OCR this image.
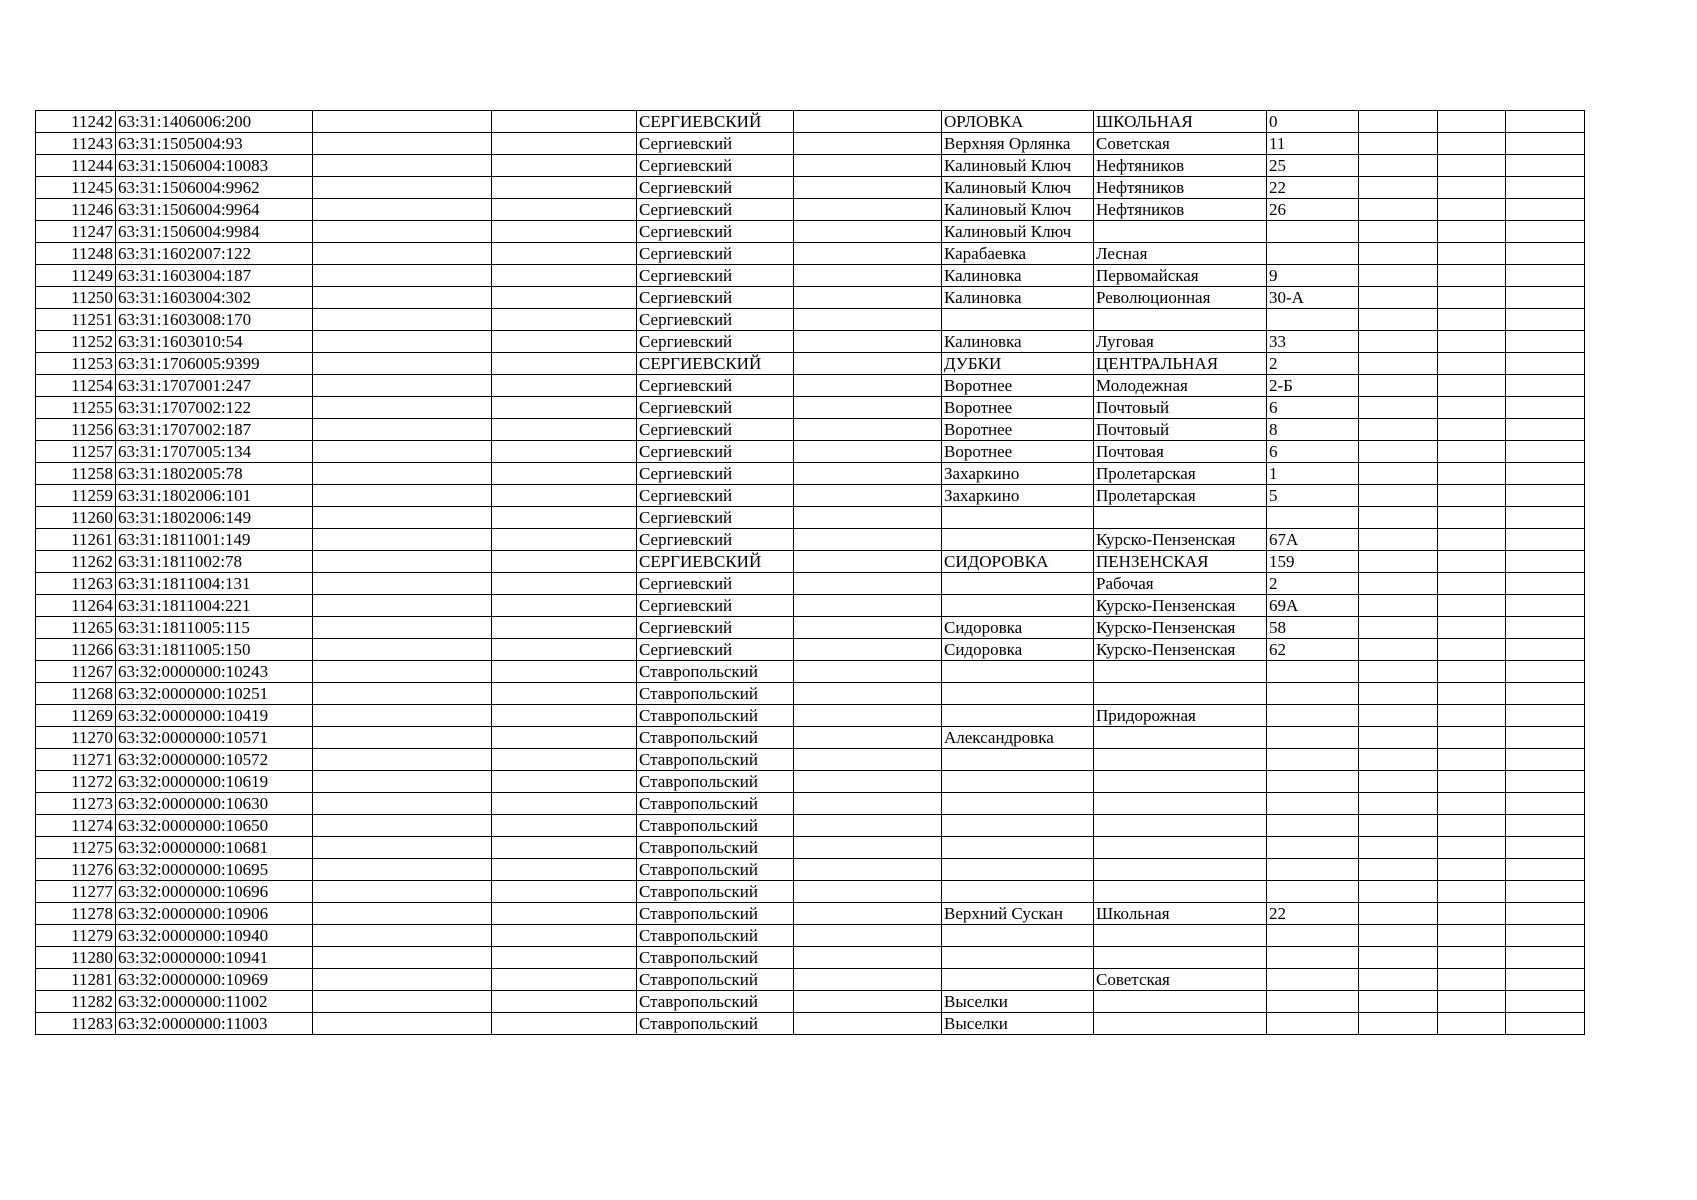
11242	63:31:1406006:200			СЕРГИЕВСКИЙ		ОРЛОВКА	ШКОЛЬНАЯ	0			
11243	63:31:1505004:93			Сергиевский		Верхняя Орлянка	Советская	11			
11244	63:31:1506004:10083			Сергиевский		Калиновый Ключ	Нефтяников	25			
11245	63:31:1506004:9962			Сергиевский		Калиновый Ключ	Нефтяников	22			
11246	63:31:1506004:9964			Сергиевский		Калиновый Ключ	Нефтяников	26			
11247	63:31:1506004:9984			Сергиевский		Калиновый Ключ					
11248	63:31:1602007:122			Сергиевский		Карабаевка	Лесная				
11249	63:31:1603004:187			Сергиевский		Калиновка	Первомайская	9			
11250	63:31:1603004:302			Сергиевский		Калиновка	Революционная	30-А			
11251	63:31:1603008:170			Сергиевский							
11252	63:31:1603010:54			Сергиевский		Калиновка	Луговая	33			
11253	63:31:1706005:9399			СЕРГИЕВСКИЙ		ДУБКИ	ЦЕНТРАЛЬНАЯ	2			
11254	63:31:1707001:247			Сергиевский		Воротнее	Молодежная	2-Б			
11255	63:31:1707002:122			Сергиевский		Воротнее	Почтовый	6			
11256	63:31:1707002:187			Сергиевский		Воротнее	Почтовый	8			
11257	63:31:1707005:134			Сергиевский		Воротнее	Почтовая	6			
11258	63:31:1802005:78			Сергиевский		Захаркино	Пролетарская	1			
11259	63:31:1802006:101			Сергиевский		Захаркино	Пролетарская	5			
11260	63:31:1802006:149			Сергиевский							
11261	63:31:1811001:149			Сергиевский			Курско-Пензенская	67А			
11262	63:31:1811002:78			СЕРГИЕВСКИЙ		СИДОРОВКА	ПЕНЗЕНСКАЯ	159			
11263	63:31:1811004:131			Сергиевский			Рабочая	2			
11264	63:31:1811004:221			Сергиевский			Курско-Пензенская	69А			
11265	63:31:1811005:115			Сергиевский		Сидоровка	Курско-Пензенская	58			
11266	63:31:1811005:150			Сергиевский		Сидоровка	Курско-Пензенская	62			
11267	63:32:0000000:10243			Ставропольский							
11268	63:32:0000000:10251			Ставропольский							
11269	63:32:0000000:10419			Ставропольский			Придорожная				
11270	63:32:0000000:10571			Ставропольский		Александровка					
11271	63:32:0000000:10572			Ставропольский							
11272	63:32:0000000:10619			Ставропольский							
11273	63:32:0000000:10630			Ставропольский							
11274	63:32:0000000:10650			Ставропольский							
11275	63:32:0000000:10681			Ставропольский							
11276	63:32:0000000:10695			Ставропольский							
11277	63:32:0000000:10696			Ставропольский							
11278	63:32:0000000:10906			Ставропольский		Верхний Сускан	Школьная	22			
11279	63:32:0000000:10940			Ставропольский							
11280	63:32:0000000:10941			Ставропольский							
11281	63:32:0000000:10969			Ставропольский			Советская				
11282	63:32:0000000:11002			Ставропольский		Выселки					
11283	63:32:0000000:11003			Ставропольский		Выселки					
